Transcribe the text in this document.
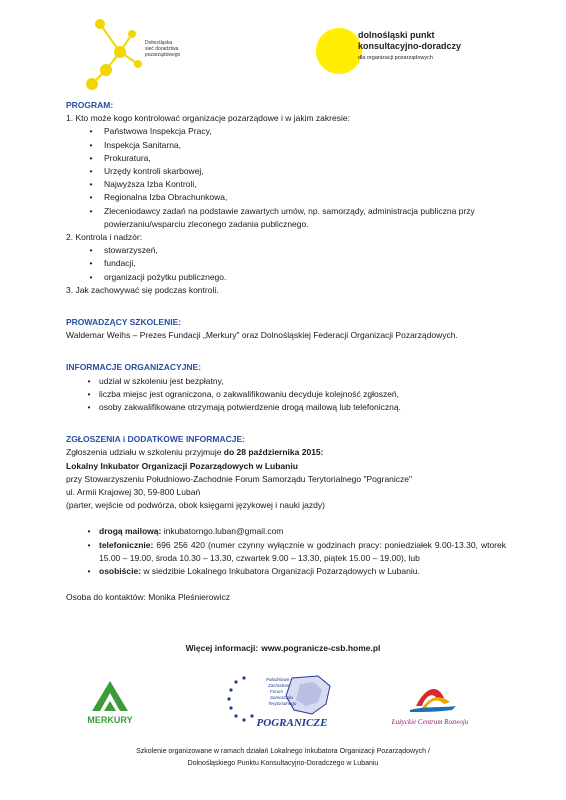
Dolnośląska
sieć doradztwa
pozarządowego
dolnośląski punkt
konsultacyjno-doradczy
dla organizacji pozarządowych
PROGRAM:
1. Kto może kogo kontrolować organizacje pozarządowe i w jakim zakresie:
• Państwowa Inspekcja Pracy,
• Inspekcja Sanitarna,
• Prokuratura,
• Urzędy kontroli skarbowej,
• Najwyższa Izba Kontroli,
• Regionalna Izba Obrachunkowa,
• Zleceniodawcy zadań na podstawie zawartych umów, np. samorządy, administracja publiczna przy powierzaniu/wsparciu zleconego zadania publicznego.
2. Kontrola i nadzór:
• stowarzyszeń,
• fundacji,
• organizacji pożytku publicznego.
3. Jak zachowywać się podczas kontroli.
PROWADZĄCY SZKOLENIE:
Waldemar Weihs – Prezes Fundacji „Merkury" oraz Dolnośląskiej Federacji Organizacji Pozarządowych.
INFORMACJE ORGANIZACYJNE:
• udział w szkoleniu jest bezpłatny,
• liczba miejsc jest ograniczona, o zakwalifikowaniu decyduje kolejność zgłoszeń,
• osoby zakwalifikowane otrzymają potwierdzenie drogą mailową lub telefoniczną.
ZGŁOSZENIA i DODATKOWE INFORMACJE:
Zgłoszenia udziału w szkoleniu przyjmuje do 28 października 2015:
Lokalny Inkubator Organizacji Pozarządowych w Lubaniu
przy Stowarzyszeniu Południowo-Zachodnie Forum Samorządu Terytorialnego "Pogranicze"
ul. Armii Krajowej 30, 59-800 Lubań
(parter, wejście od podwórza, obok księgarni językowej i nauki jazdy)
• drogą mailową: inkubatorngo.luban@gmail.com
• telefonicznie: 696 256 420 (numer czynny wyłącznie w godzinach pracy: poniedziałek 9.00-13.30, wtorek 15.00 – 19.00, środa 10.30 – 13.30, czwartek 9.00 – 13.30, piątek 15.00 – 19.00), lub
• osobiście: w siedzibie Lokalnego Inkubatora Organizacji Pozarządowych w Lubaniu.
Osoba do kontaktów: Monika Pleśnierowicz
Więcej informacji: www.pogranicze-csb.home.pl
MERKURY
Południowo-
Zachodnie
Forum
Samorządu
Terytorialnego
POGRANICZE	Łużyckie Centrum Rozwoju
Szkolenie organizowane w ramach działań Lokalnego Inkubatora Organizacji Pozarządowych /
Dolnośląskiego Punktu Konsultacyjno-Doradczego w Lubaniu
